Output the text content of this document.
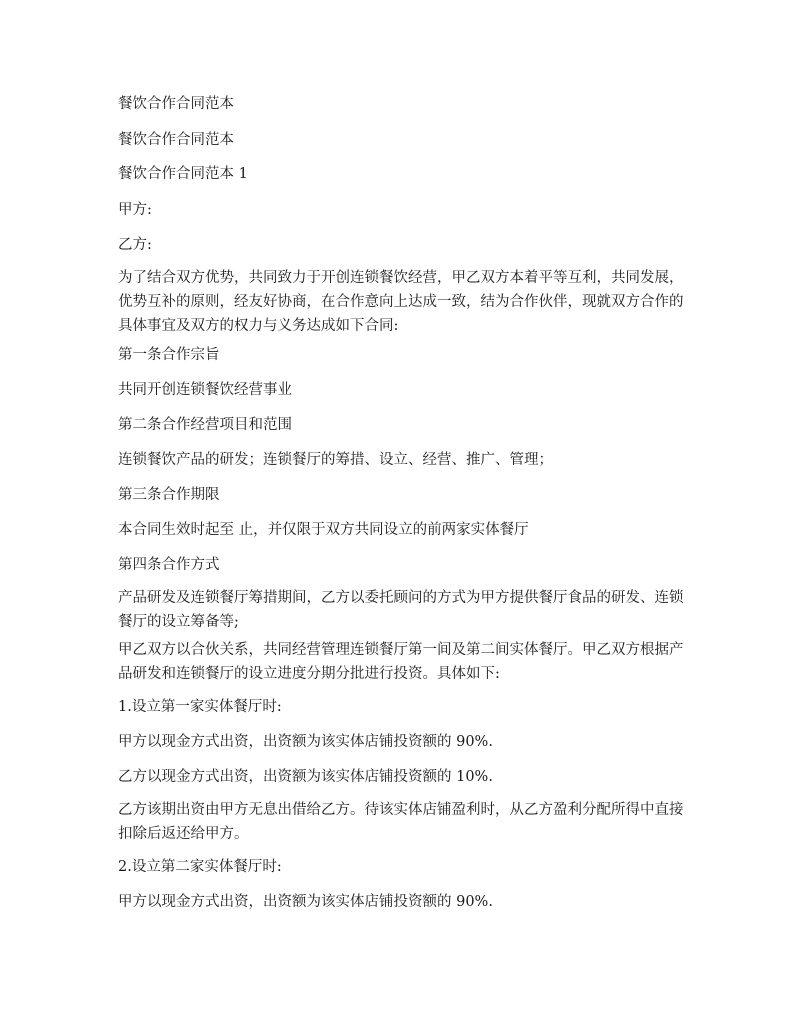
餐饮合作合同范本

餐饮合作合同范本

餐饮合作合同范本 1

甲方:

乙方:

为了结合双方优势，共同致力于开创连锁餐饮经营，甲乙双方本着平等互利，共同发展，优势互补的原则，经友好协商，在合作意向上达成一致，结为合作伙伴，现就双方合作的具体事宜及双方的权力与义务达成如下合同:

第一条合作宗旨

共同开创连锁餐饮经营事业

第二条合作经营项目和范围

连锁餐饮产品的研发；连锁餐厅的筹措、设立、经营、推广、管理；

第三条合作期限

本合同生效时起至 止，并仅限于双方共同设立的前两家实体餐厅

第四条合作方式

产品研发及连锁餐厅筹措期间，乙方以委托顾问的方式为甲方提供餐厅食品的研发、连锁餐厅的设立筹备等;

甲乙双方以合伙关系，共同经营管理连锁餐厅第一间及第二间实体餐厅。甲乙双方根据产品研发和连锁餐厅的设立进度分期分批进行投资。具体如下:

1.设立第一家实体餐厅时:

甲方以现金方式出资，出资额为该实体店铺投资额的 90%.

乙方以现金方式出资，出资额为该实体店铺投资额的 10%.

乙方该期出资由甲方无息出借给乙方。待该实体店铺盈利时，从乙方盈利分配所得中直接扣除后返还给甲方。

2.设立第二家实体餐厅时:

甲方以现金方式出资，出资额为该实体店铺投资额的 90%.
